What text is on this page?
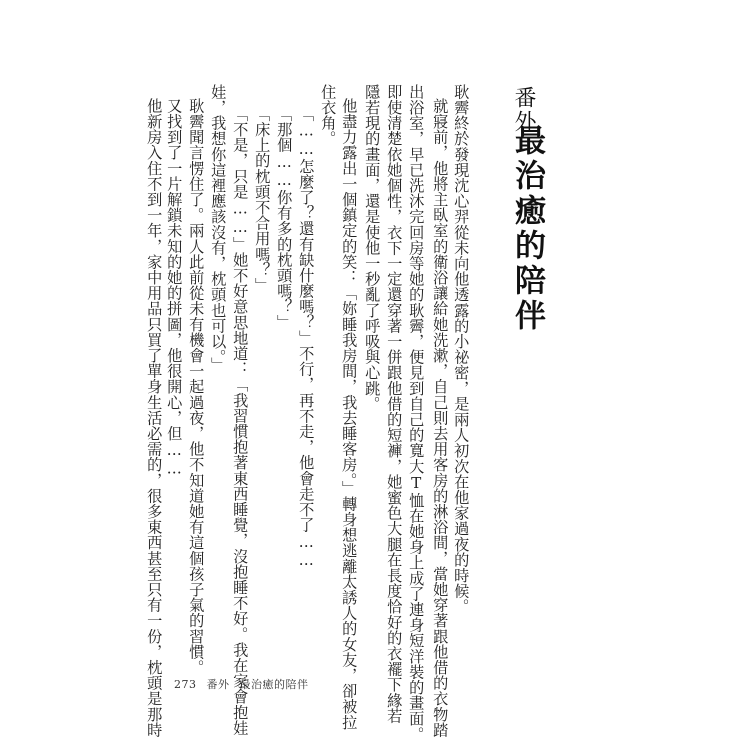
番外
最治癒的陪伴
耿霽終於發現沈心羿從未向他透露的小祕密，是兩人初次在他家過夜的時候。
就寢前，他將主臥室的衛浴讓給她洗漱，自己則去用客房的淋浴間，當她穿著跟他借的衣物踏
出浴室，早已洗沐完回房等她的耿霽，便見到自己的寬大T恤在她身上成了連身短洋裝的畫面。
即使清楚依她個性，衣下一定還穿著一併跟他借的短褲，她蜜色大腿在長度恰好的衣襬下緣若
隱若現的畫面，還是使他一秒亂了呼吸與心跳。
他盡力露出一個鎮定的笑：「妳睡我房間，我去睡客房。」轉身想逃離太誘人的女友，卻被拉
住衣角。
「……怎麼了？還有缺什麼嗎？」不行，再不走，他會走不了……
「那個……你有多的枕頭嗎？」
「床上的枕頭不合用嗎？」
「不是，只是……」她不好意思地道：「我習慣抱著東西睡覺，沒抱睡不好。我在家會抱娃
娃，我想你這裡應該沒有，枕頭也可以。」
耿霽聞言愣住了。兩人此前從未有機會一起過夜，他不知道她有這個孩子氣的習慣。
又找到了一片解鎖未知的她的拼圖，他很開心，但……
他新房入住不到一年，家中用品只買了單身生活必需的，很多東西甚至只有一份，枕頭是那時 273 番外 最治癒的陪伴
